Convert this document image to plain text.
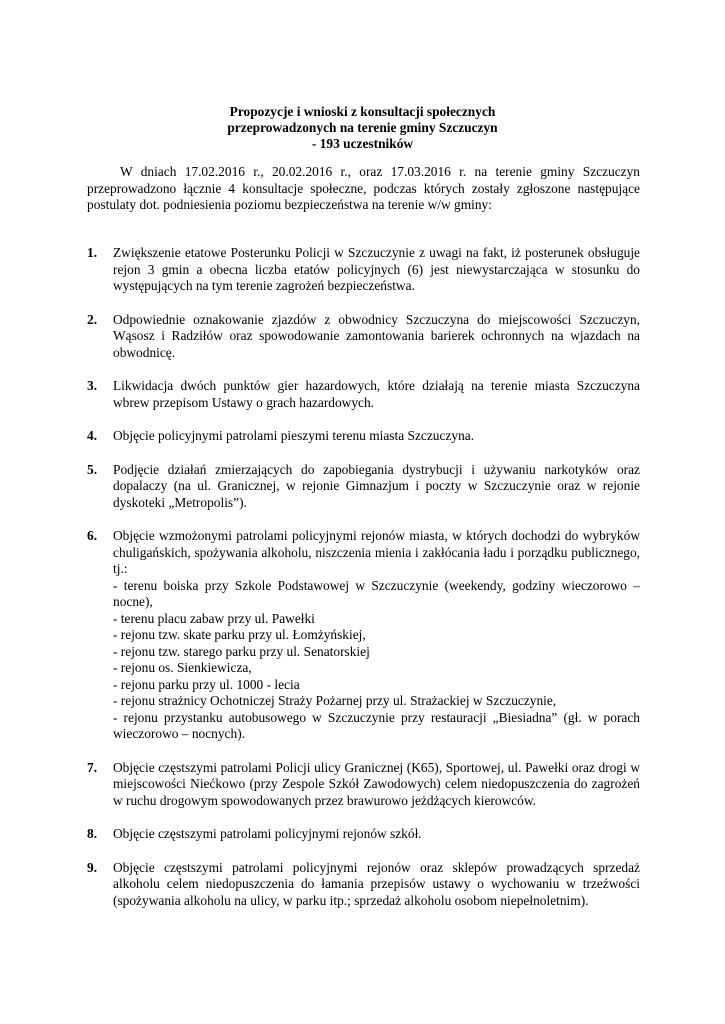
Propozycje i wnioski z konsultacji społecznych
przeprowadzonych na terenie gminy Szczuczyn
- 193 uczestników
W dniach 17.02.2016 r., 20.02.2016 r., oraz 17.03.2016 r. na terenie gminy Szczuczyn przeprowadzono łącznie 4 konsultacje społeczne, podczas których zostały zgłoszone następujące postulaty dot. podniesienia poziomu bezpieczeństwa na terenie w/w gminy:
1. Zwiększenie etatowe Posterunku Policji w Szczuczynie z uwagi na fakt, iż posterunek obsługuje rejon 3 gmin a obecna liczba etatów policyjnych (6) jest niewystarczająca w stosunku do występujących na tym terenie zagrożeń bezpieczeństwa.
2. Odpowiednie oznakowanie zjazdów z obwodnicy Szczuczyna do miejscowości Szczuczyn, Wąsosz i Radziłów oraz spowodowanie zamontowania barierek ochronnych na wjazdach na obwodnicę.
3. Likwidacja dwóch punktów gier hazardowych, które działają na terenie miasta Szczuczyna wbrew przepisom Ustawy o grach hazardowych.
4. Objęcie policyjnymi patrolami pieszymi terenu miasta Szczuczyna.
5. Podjęcie działań zmierzających do zapobiegania dystrybucji i używaniu narkotyków oraz dopalaczy (na ul. Granicznej, w rejonie Gimnazjum i poczty w Szczuczynie oraz w rejonie dyskoteki „Metropolis”).
6. Objęcie wzmożonymi patrolami policyjnymi rejonów miasta, w których dochodzi do wybryków chuligańskich, spożywania alkoholu, niszczenia mienia i zakłócania ładu i porządku publicznego, tj.:
- terenu boiska przy Szkole Podstawowej w Szczuczynie (weekendy, godziny wieczorowo – nocne),
- terenu placu zabaw przy ul. Pawełki
- rejonu tzw. skate parku przy ul. Łomżyńskiej,
- rejonu tzw. starego parku przy ul. Senatorskiej
- rejonu os. Sienkiewicza,
- rejonu parku przy ul. 1000 - lecia
- rejonu strażnicy Ochotniczej Straży Pożarnej przy ul. Strażackiej w Szczuczynie,
- rejonu przystanku autobusowego w Szczuczynie przy restauracji „Biesiadna” (gł. w porach wieczorowo – nocnych).
7. Objęcie częstszymi patrolami Policji ulicy Granicznej (K65), Sportowej, ul. Pawełki oraz drogi w miejscowości Niećkowo (przy Zespole Szkół Zawodowych) celem niedopuszczenia do zagrożeń w ruchu drogowym spowodowanych przez brawurowo jeżdżących kierowców.
8. Objęcie częstszymi patrolami policyjnymi rejonów szkół.
9. Objęcie częstszymi patrolami policyjnymi rejonów oraz sklepów prowadzących sprzedaż alkoholu celem niedopuszczenia do łamania przepisów ustawy o wychowaniu w trzeźwości (spożywania alkoholu na ulicy, w parku itp.; sprzedaż alkoholu osobom niepełnoletnim).
